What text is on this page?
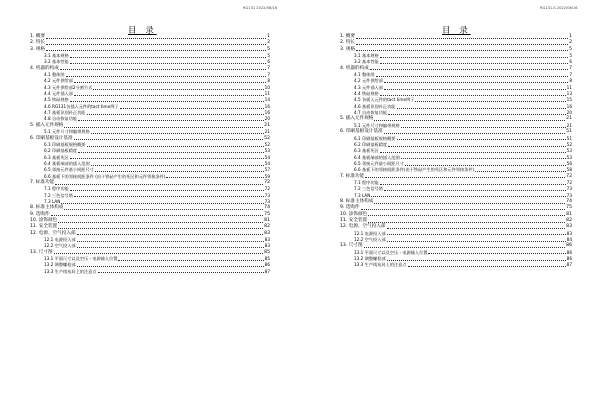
RG131 2022/08/16
目 录
1. 概要	1
2. 特长	2
3. 规格	5
3.1 基本规格	5
3.2 基本性能	6
4. 机器的构成	7
4.1 整体图	7
4.2 元件供给部	8
4.3 元件供给部2分割方式	10
4.4 元件插入部	11
4.5 铁砧规格	14
4.6 RG131各插入元件的tact time例子	16
4.7 基板识别补正功能	16
4.8 自动恢复功能	20
5. 插入元件规格	21
5.1 元件尺寸和编带规格	21
6. 印刷基板设计基准	52
6.1 印刷基板规格概要	52
6.2 印刷基板精度	53
6.3 基板死区	54
6.4 基板端部的插入范围	54
6.5 邻接元件基小间距尺寸	57
6.6 基板下的邻接间距条件 (由于铁砧产生的死区和元件邻接条件)	59
7. 标准功能	72
7.1 程序功能	72
7.2 三色信号塔	73
7.3 LAN	73
8. 标准主体构成	74
9. 选购件	75
10. 涂饰颜色	81
11. 安全装置	82
12. 电源、空气投入部	83
12.1 电源投入部	83
12.2 空气投入部	83
13. 尺寸图	85
13.1 平面尺寸以及空压・电源输入位置	85
13.2 调整螺栓部	86
13.3 生产线布局上的注意点	87
RG131-S 2022/08/16
目 录
1. 概要	1
2. 特长	2
3. 规格	5
3.1 基本规格	5
3.2 基本性能	6
4. 机器的构成	7
4.1 整体图	7
4.2 元件供给部	8
4.3 元件插入部	11
4.4 铁砧规格	13
4.5 各插入元件的tact time例子	15
4.6 基板识别补正功能	16
4.7 自动恢复功能	20
5. 插入元件规格	21
5.1 元件尺寸和编带规格	21
6. 印刷基板设计基准	51
6.1 印刷基板规格概要	51
6.2 印刷基板精度	52
6.3 基板死区	53
6.4 基板端部的插入范围	53
6.5 邻接元件最小间距尺寸	56
6.6 基板下的邻接间距条件(由于铁砧产生的死区和元件邻接条件)	58
7. 标准功能	72
7.1 程序功能	72
7.2 三色信号塔	73
7.3 LAN	73
8. 标准主体构成	74
9. 选购件	75
10. 涂饰颜色	81
11. 安全装置	82
12. 电源、空气投入部	83
12.1 电源投入部	83
12.2 空气投入部	84
13. 尺寸图	86
13.1 平面尺寸以及空压・电源输入位置	86
13.2 调整螺栓部	86
13.3 生产线布局上的注意点	87
